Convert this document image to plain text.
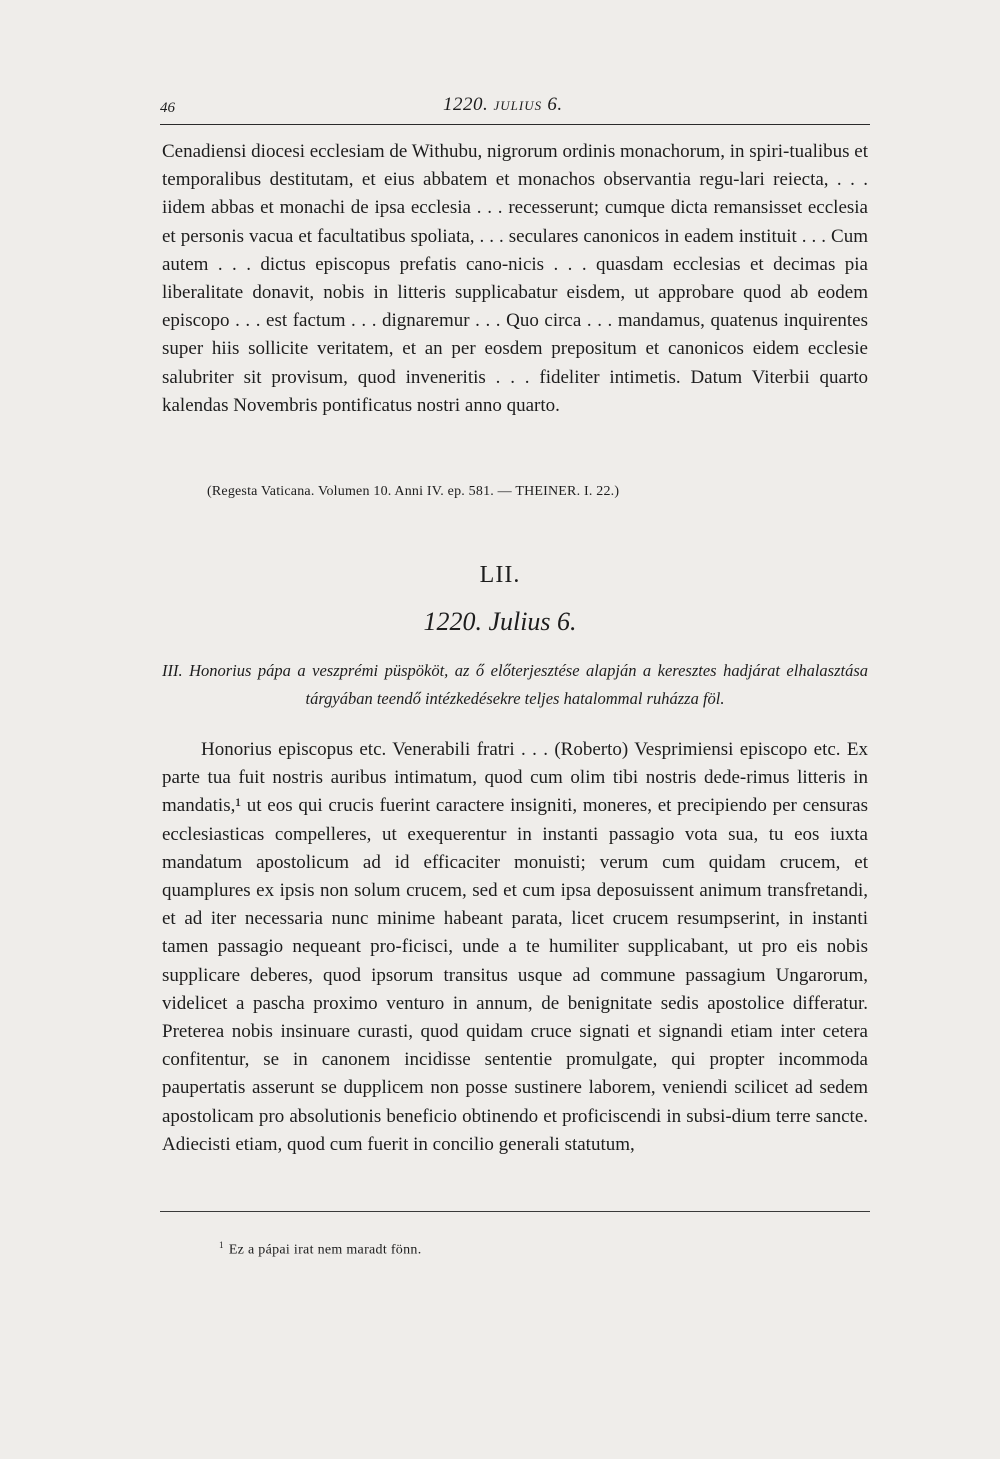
46	1220. JULIUS 6.
Cenadiensi diocesi ecclesiam de Withubu, nigrorum ordinis monachorum, in spiri-tualibus et temporalibus destitutam, et eius abbatem et monachos observantia regu-lari reiecta, . . . iidem abbas et monachi de ipsa ecclesia . . . recesserunt; cumque dicta remansisset ecclesia et personis vacua et facultatibus spoliata, . . . seculares canonicos in eadem instituit . . . Cum autem . . . dictus episcopus prefatis cano-nicis . . . quasdam ecclesias et decimas pia liberalitate donavit, nobis in litteris supplicabatur eisdem, ut approbare quod ab eodem episcopo . . . est factum . . . dignaremur . . . Quo circa . . . mandamus, quatenus inquirentes super hiis sollicite veritatem, et an per eosdem prepositum et canonicos eidem ecclesie salubriter sit provisum, quod inveneritis . . . fideliter intimetis. Datum Viterbii quarto kalendas Novembris pontificatus nostri anno quarto.
(Regesta Vaticana. Volumen 10. Anni IV. ep. 581. — THEINER. I. 22.)
LII.
1220. Julius 6.
III. Honorius pápa a veszprémi püspököt, az ő előterjesztése alapján a keresztes hadjárat elhalasztása tárgyában teendő intézkedésekre teljes hatalommal ruházza föl.
Honorius episcopus etc. Venerabili fratri . . . (Roberto) Vesprimiensi episcopo etc. Ex parte tua fuit nostris auribus intimatum, quod cum olim tibi nostris dede-rimus litteris in mandatis,¹ ut eos qui crucis fuerint caractere insigniti, moneres, et precipiendo per censuras ecclesiasticas compelleres, ut exequerentur in instanti passagio vota sua, tu eos iuxta mandatum apostolicum ad id efficaciter monuisti; verum cum quidam crucem, et quamplures ex ipsis non solum crucem, sed et cum ipsa deposuissent animum transfretandi, et ad iter necessaria nunc minime habeant parata, licet crucem resumpserint, in instanti tamen passagio nequeant pro-ficisci, unde a te humiliter supplicabant, ut pro eis nobis supplicare deberes, quod ipsorum transitus usque ad commune passagium Ungarorum, videlicet a pascha proximo venturo in annum, de benignitate sedis apostolice differatur. Preterea nobis insinuare curasti, quod quidam cruce signati et signandi etiam inter cetera confitentur, se in canonem incidisse sententie promulgate, qui propter incommoda paupertatis asserunt se dupplicem non posse sustinere laborem, veniendi scilicet ad sedem apostolicam pro absolutionis beneficio obtinendo et proficiscendi in subsi-dium terre sancte. Adiecisti etiam, quod cum fuerit in concilio generali statutum,
$^1$ Ez a pápai irat nem maradt fönn.
